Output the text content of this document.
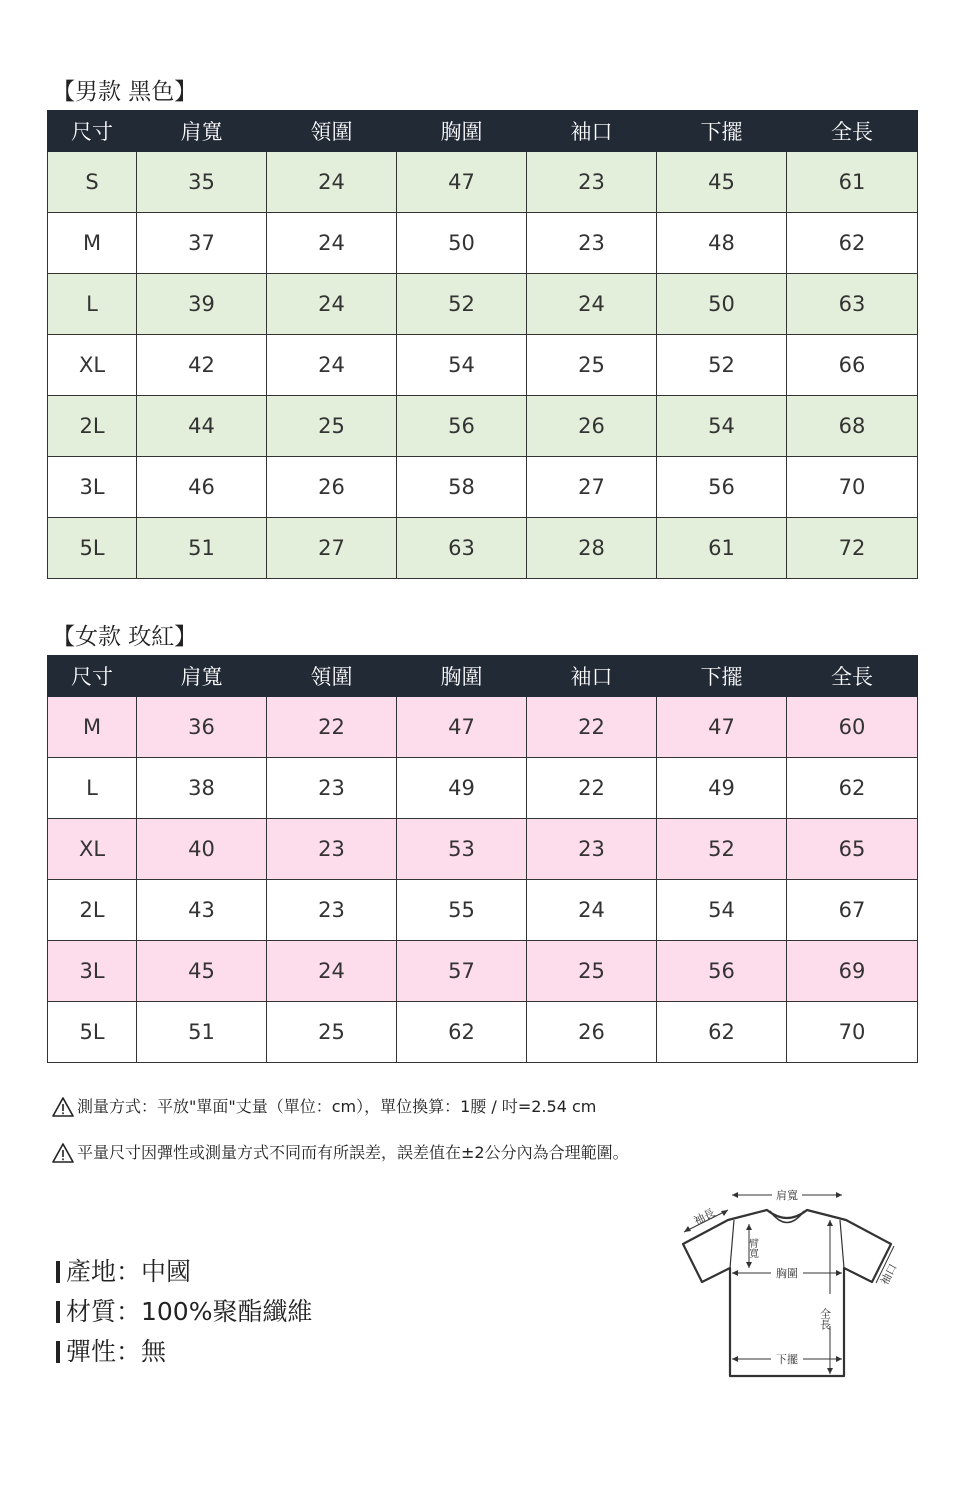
【男款 黑色】
尺寸	肩寬	領圍	胸圍	袖口	下擺	全長
S	35	24	47	23	45	61
M	37	24	50	23	48	62
L	39	24	52	24	50	63
XL	42	24	54	25	52	66
2L	44	25	56	26	54	68
3L	46	26	58	27	56	70
5L	51	27	63	28	61	72
【女款 玫紅】
尺寸	肩寬	領圍	胸圍	袖口	下擺	全長
M	36	22	47	22	47	60
L	38	23	49	22	49	62
XL	40	23	53	23	52	65
2L	43	23	55	24	54	67
3L	45	24	57	25	56	69
5L	51	25	62	26	62	70
測量方式：平放"單面"丈量（單位：cm），單位換算：1腰 / 吋=2.54 cm
平量尺寸因彈性或測量方式不同而有所誤差，誤差值在±2公分內為合理範圍。
產地：中國
材質：100%聚酯纖維
彈性：無
肩寬
袖長
臂寬
胸圍	袖口
全長
下擺
